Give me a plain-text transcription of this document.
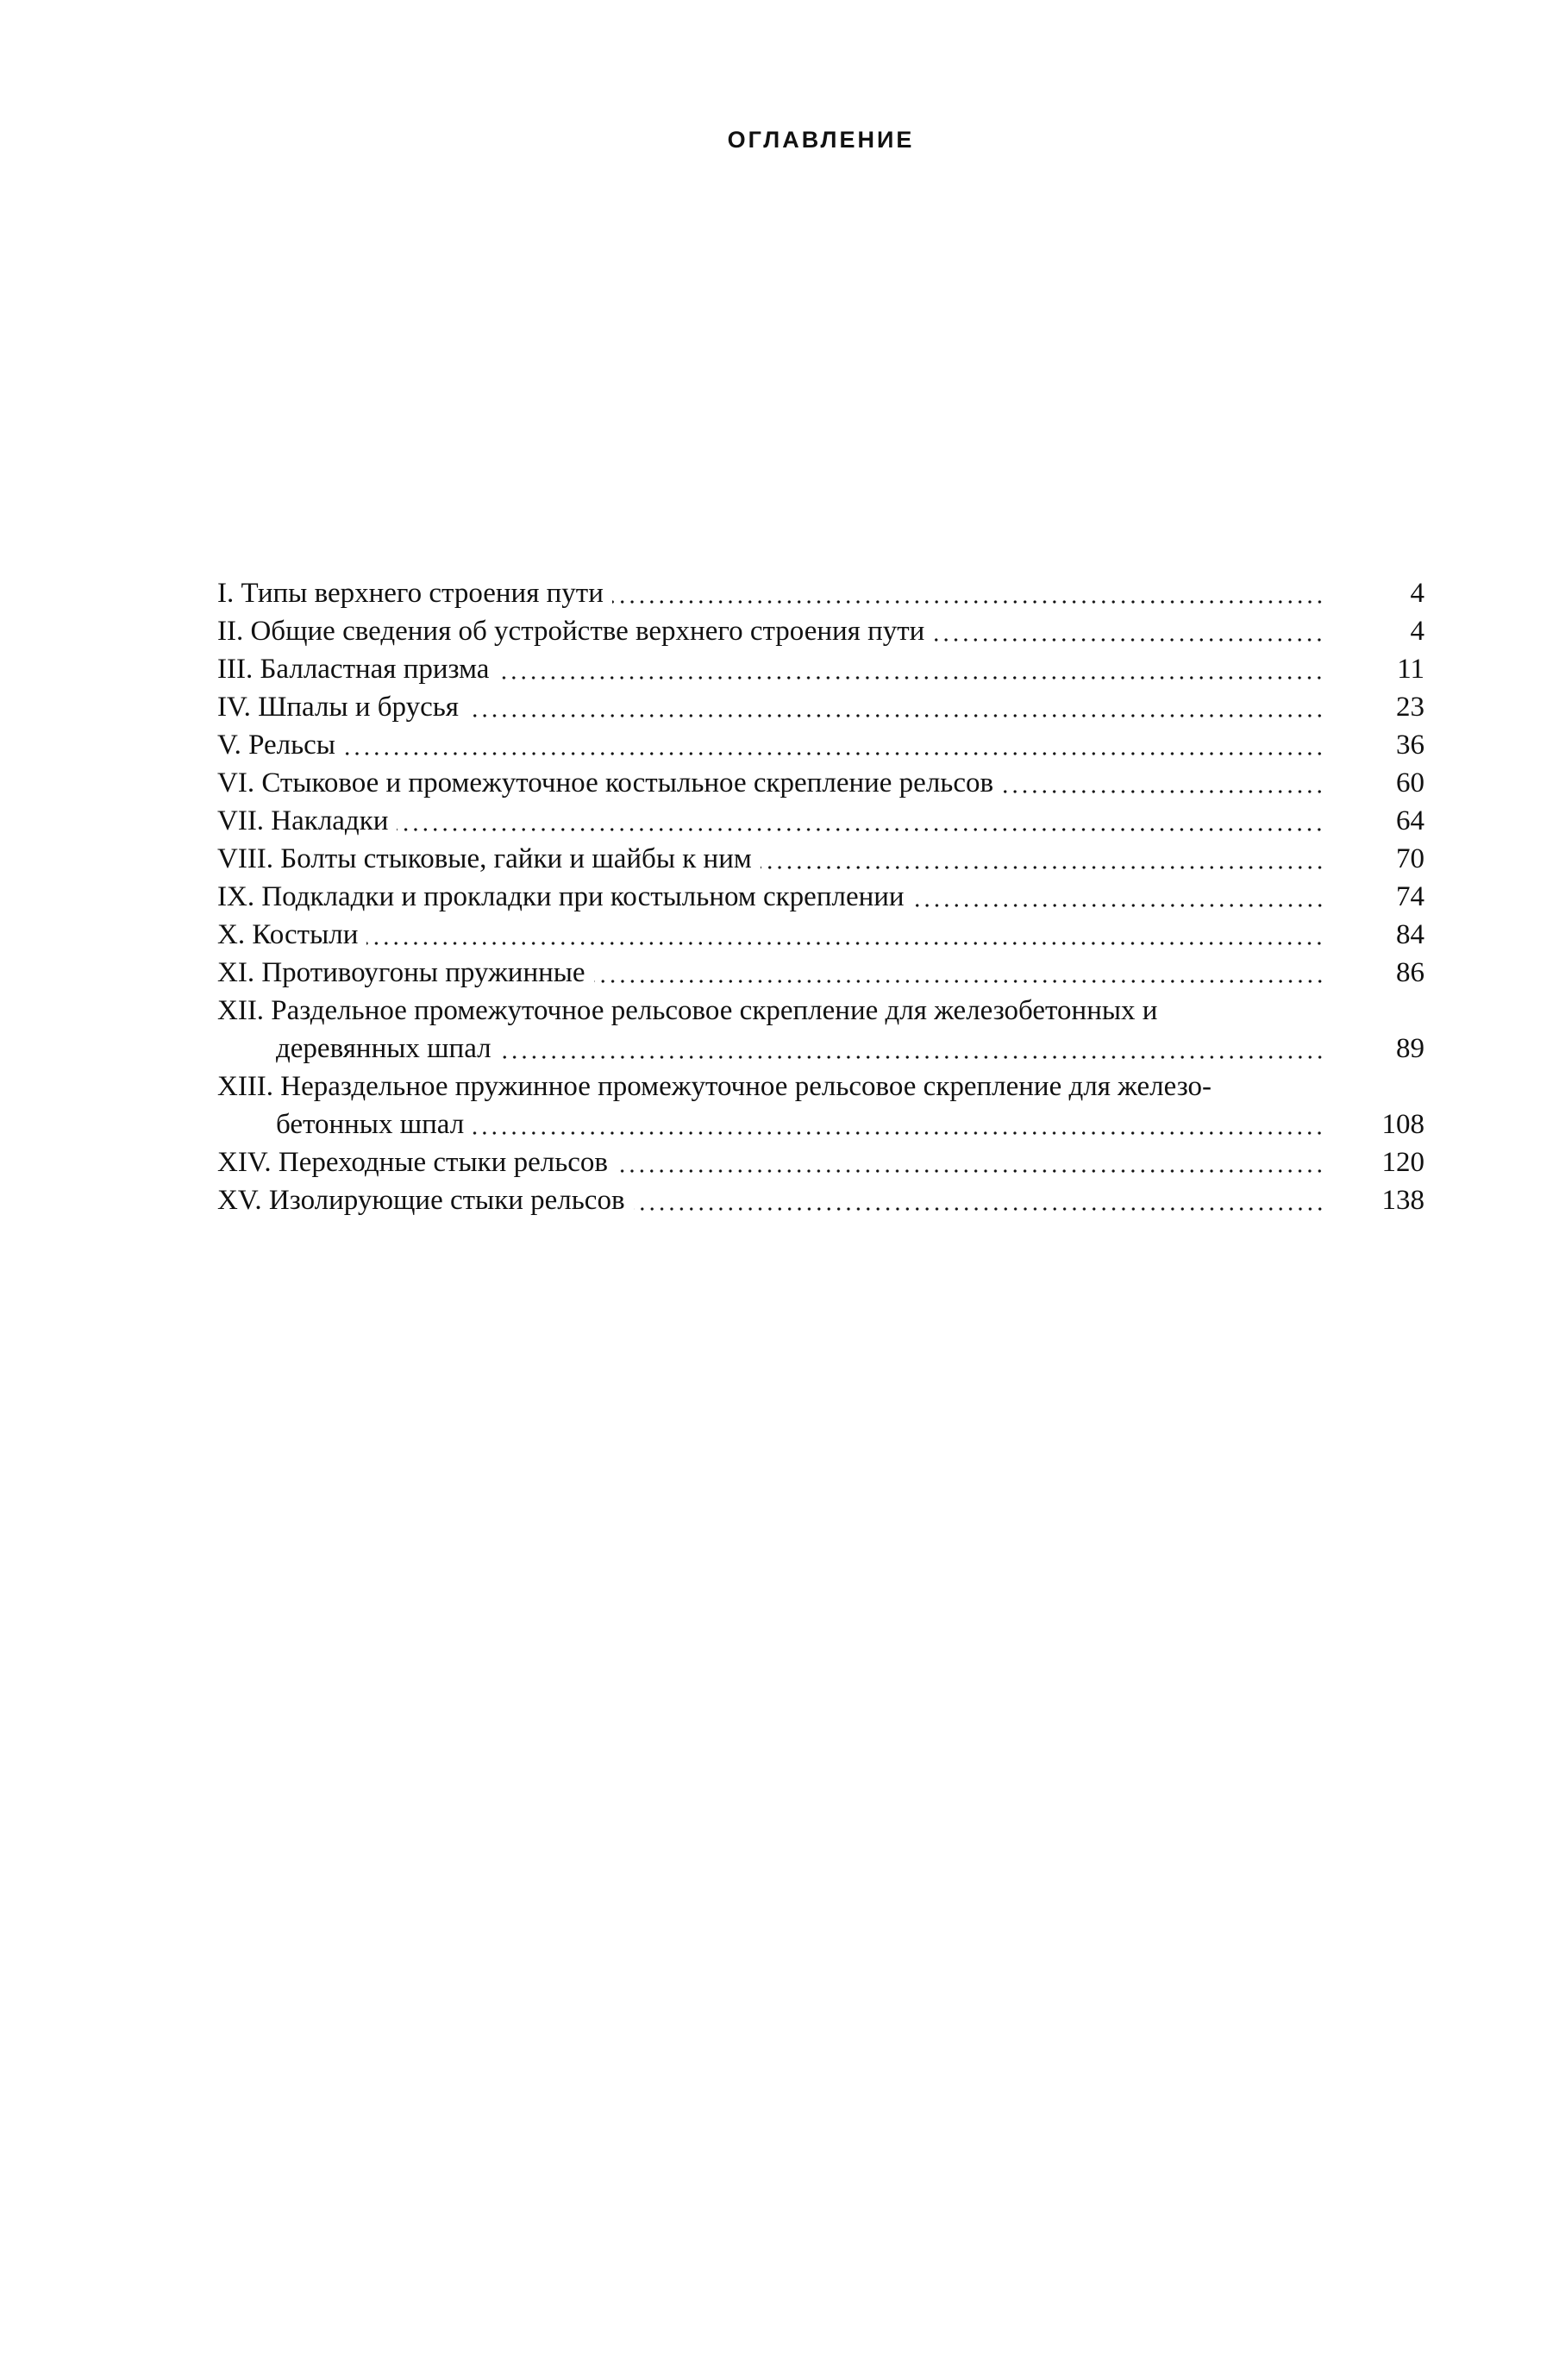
ОГЛАВЛЕНИЕ
I. Типы верхнего строения пути	4
II. Общие сведения об устройстве верхнего строения пути	4
III. Балластная призма	11
IV. Шпалы и брусья	23
V. Рельсы	36
VI. Стыковое и промежуточное костыльное скрепление рельсов	60
VII. Накладки	64
VIII. Болты стыковые, гайки и шайбы к ним	70
IX. Подкладки и прокладки при костыльном скреплении	74
X. Костыли	84
XI. Противоугоны пружинные	86
XII. Раздельное промежуточное рельсовое скрепление для железобетонных и
деревянных шпал	89
XIII. Нераздельное пружинное промежуточное рельсовое скрепление для железо-
бетонных шпал	108
XIV. Переходные стыки рельсов	120
XV. Изолирующие стыки рельсов	138
